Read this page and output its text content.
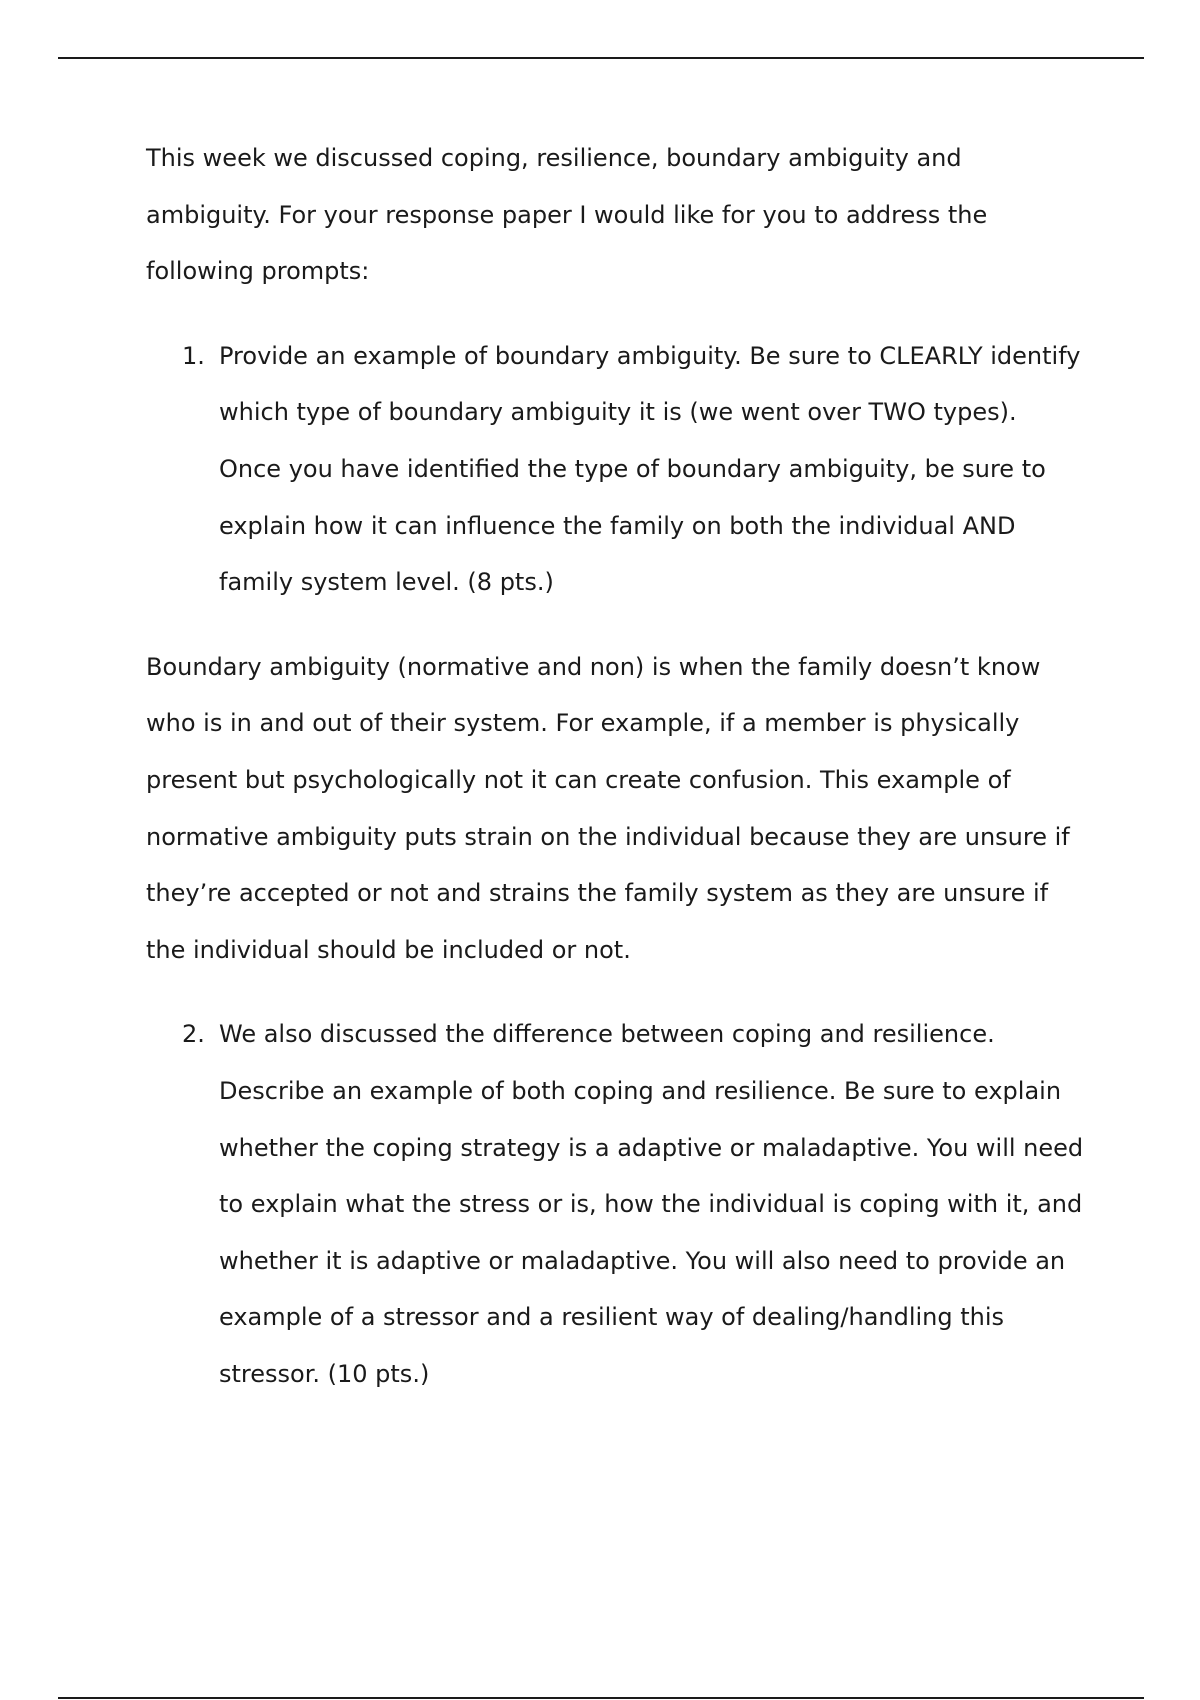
This week we discussed coping, resilience, boundary ambiguity and ambiguity. For your response paper I would like for you to address the following prompts:

1. Provide an example of boundary ambiguity. Be sure to CLEARLY identify which type of boundary ambiguity it is (we went over TWO types). Once you have identified the type of boundary ambiguity, be sure to explain how it can influence the family on both the individual AND family system level. (8 pts.)

Boundary ambiguity (normative and non) is when the family doesn’t know who is in and out of their system. For example, if a member is physically present but psychologically not it can create confusion. This example of normative ambiguity puts strain on the individual because they are unsure if they’re accepted or not and strains the family system as they are unsure if the individual should be included or not.

2. We also discussed the difference between coping and resilience. Describe an example of both coping and resilience. Be sure to explain whether the coping strategy is a adaptive or maladaptive. You will need to explain what the stress or is, how the individual is coping with it, and whether it is adaptive or maladaptive. You will also need to provide an example of a stressor and a resilient way of dealing/handling this stressor. (10 pts.)
